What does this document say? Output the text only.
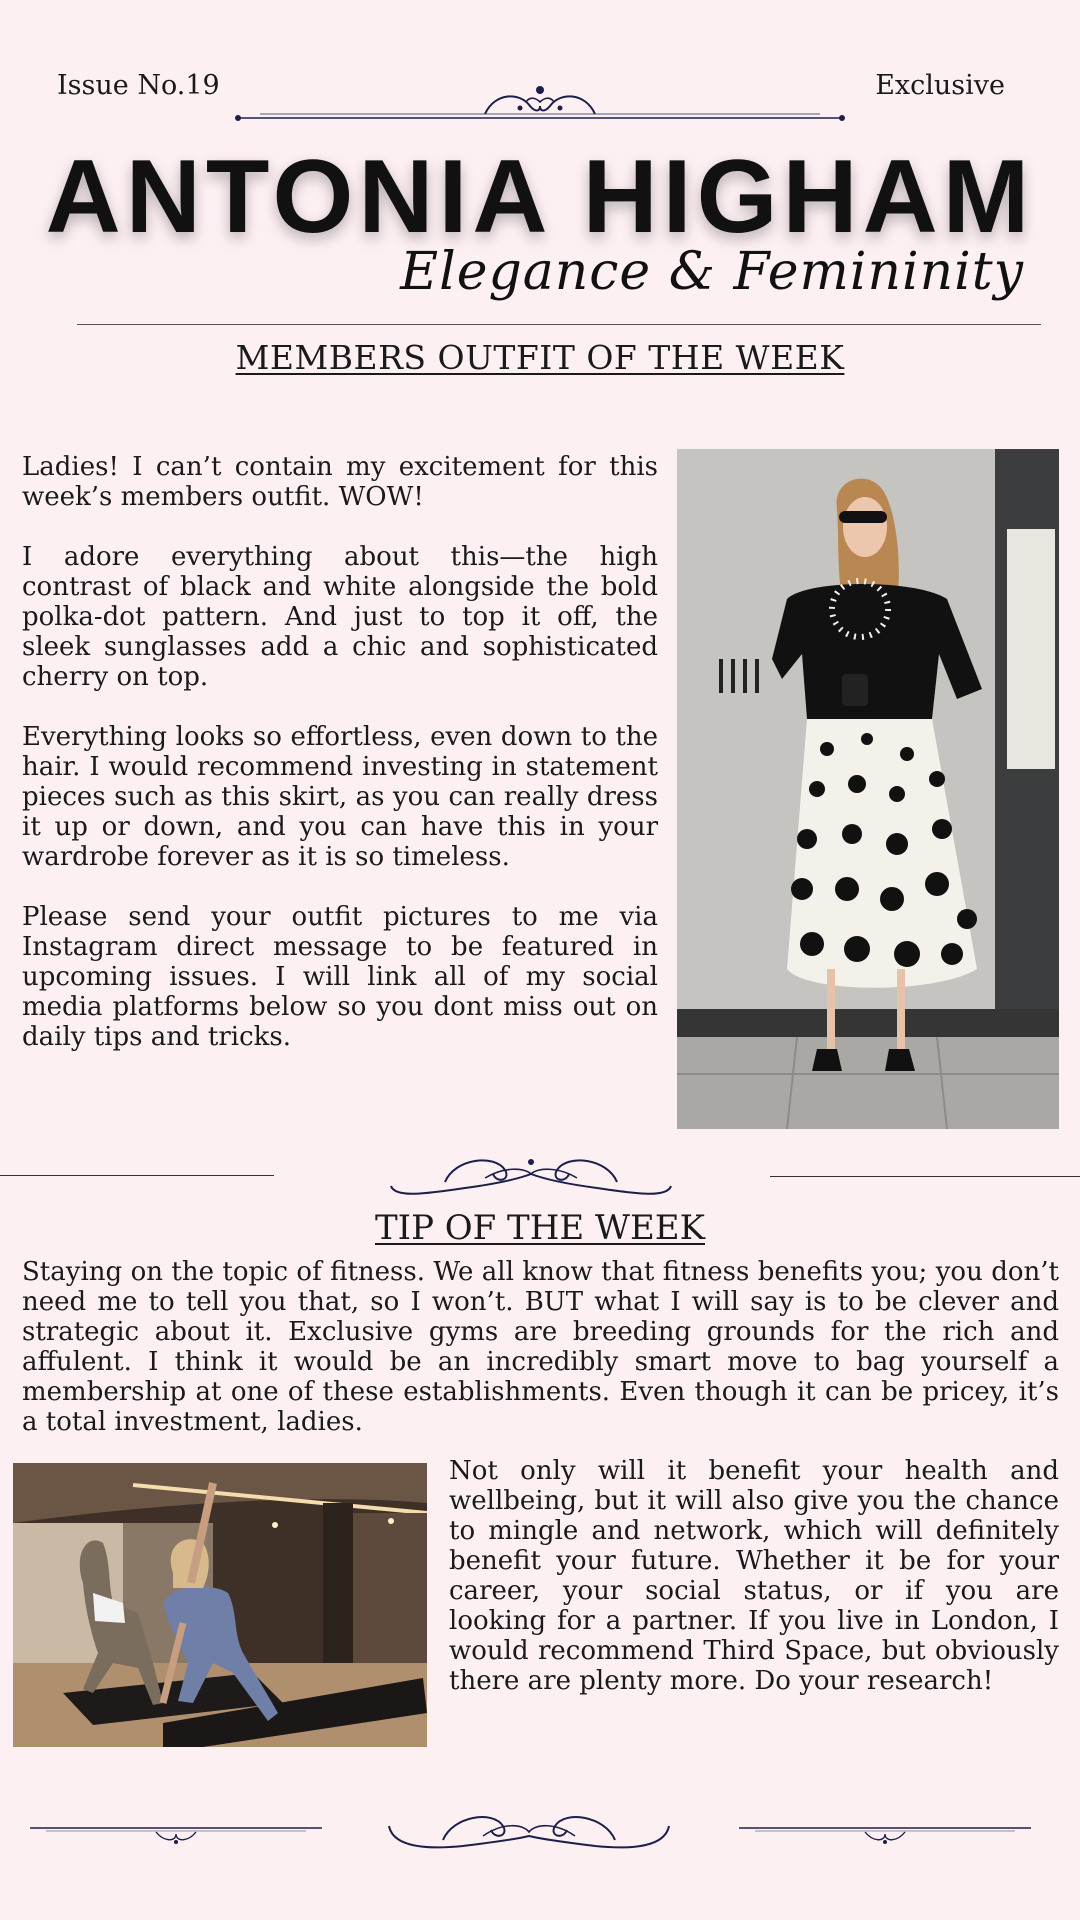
Issue No.19	Exclusive
ANTONIA HIGHAM
Elegance & Femininity
MEMBERS OUTFIT OF THE WEEK

Ladies! I can’t contain my excitement for this week’s members outfit. WOW!

I adore everything about this—the high contrast of black and white alongside the bold polka-dot pattern. And just to top it off, the sleek sunglasses add a chic and sophisticated cherry on top.

Everything looks so effortless, even down to the hair. I would recommend investing in statement pieces such as this skirt, as you can really dress it up or down, and you can have this in your wardrobe forever as it is so timeless.

Please send your outfit pictures to me via Instagram direct message to be featured in upcoming issues. I will link all of my social media platforms below so you dont miss out on daily tips and tricks.

TIP OF THE WEEK
Staying on the topic of fitness. We all know that fitness benefits you; you don’t need me to tell you that, so I won’t. BUT what I will say is to be clever and strategic about it. Exclusive gyms are breeding grounds for the rich and affulent. I think it would be an incredibly smart move to bag yourself a membership at one of these establishments. Even though it can be pricey, it’s a total investment, ladies.
Not only will it benefit your health and wellbeing, but it will also give you the chance to mingle and network, which will definitely benefit your future. Whether it be for your career, your social status, or if you are looking for a partner. If you live in London, I would recommend Third Space, but obviously there are plenty more. Do your research!
